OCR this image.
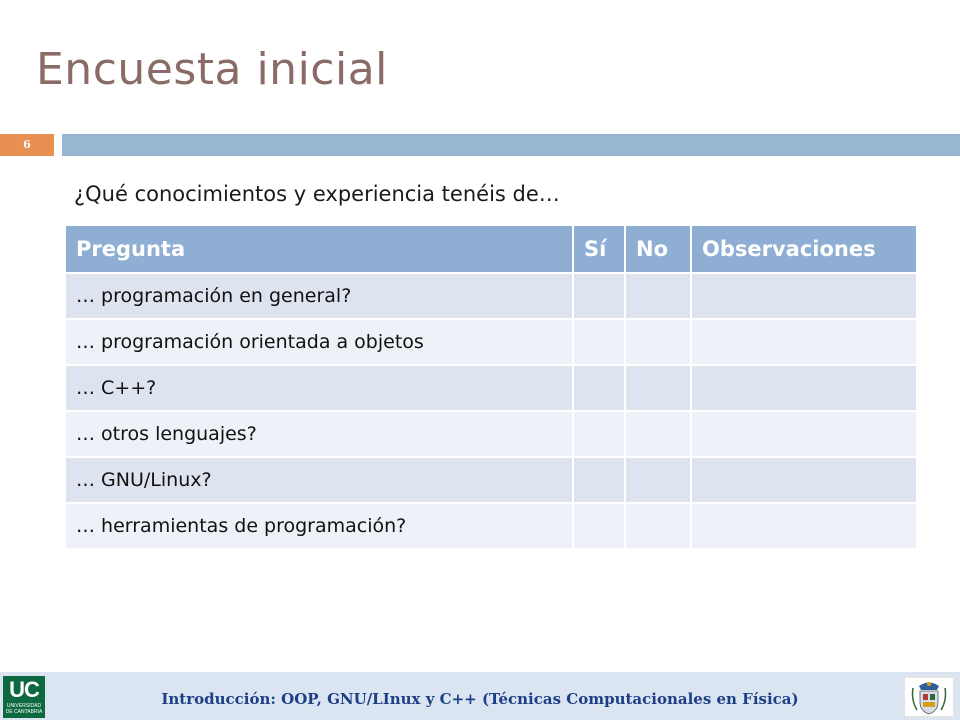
Encuesta inicial
6
¿Qué conocimientos y experiencia tenéis de…
Pregunta	Sí	No	Observaciones
… programación en general?			
… programación orientada a objetos			
… C++?			
… otros lenguajes?			
… GNU/Linux?			
… herramientas de programación?			
UC
UNIVERSIDAD DE CANTABRIA
Introducción: OOP, GNU/LInux y C++ (Técnicas Computacionales en Física)
